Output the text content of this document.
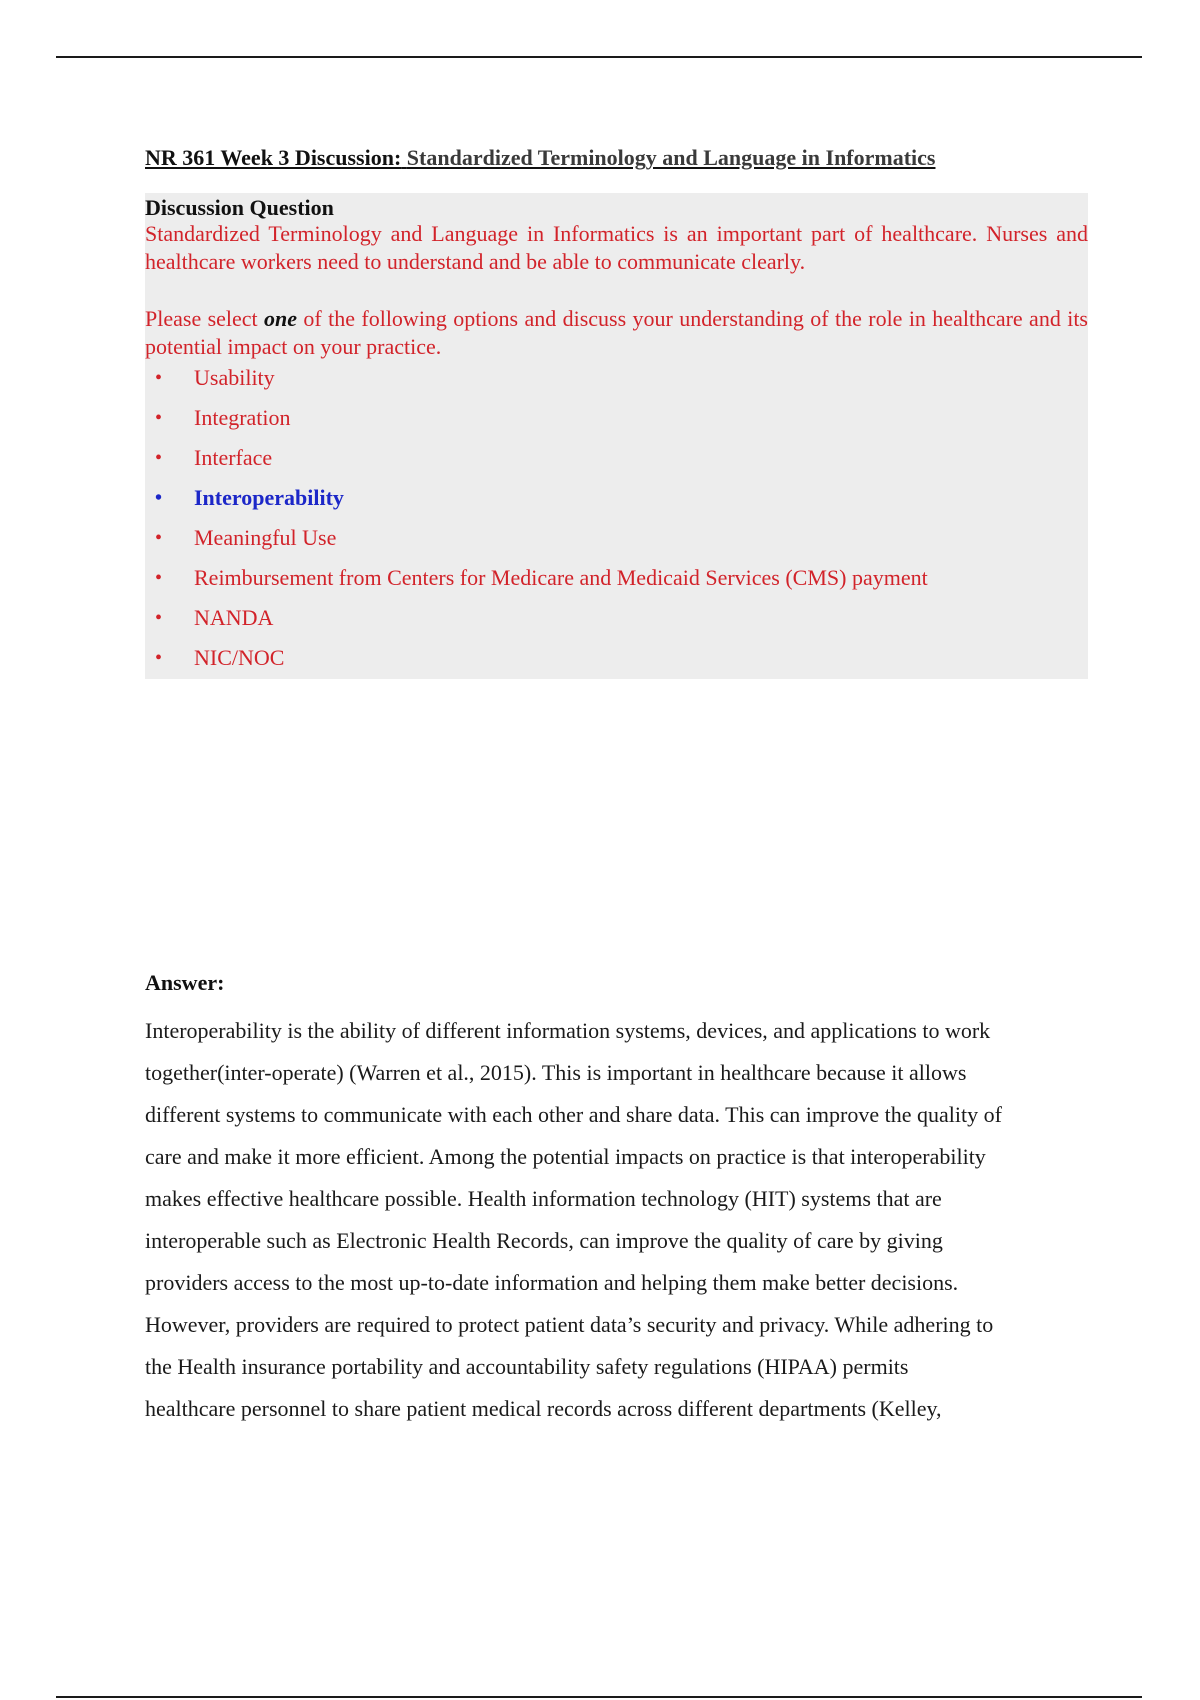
NR 361 Week 3 Discussion: Standardized Terminology and Language in Informatics
Discussion Question
Standardized Terminology and Language in Informatics is an important part of healthcare. Nurses and healthcare workers need to understand and be able to communicate clearly.
Please select one of the following options and discuss your understanding of the role in healthcare and its potential impact on your practice.
• Usability
• Integration
• Interface
• Interoperability
• Meaningful Use
• Reimbursement from Centers for Medicare and Medicaid Services (CMS) payment
• NANDA
• NIC/NOC
Answer:
Interoperability is the ability of different information systems, devices, and applications to work
together(inter-operate) (Warren et al., 2015). This is important in healthcare because it allows
different systems to communicate with each other and share data. This can improve the quality of
care and make it more efficient. Among the potential impacts on practice is that interoperability
makes effective healthcare possible. Health information technology (HIT) systems that are
interoperable such as Electronic Health Records, can improve the quality of care by giving
providers access to the most up-to-date information and helping them make better decisions.
However, providers are required to protect patient data’s security and privacy. While adhering to
the Health insurance portability and accountability safety regulations (HIPAA) permits
healthcare personnel to share patient medical records across different departments (Kelley,
